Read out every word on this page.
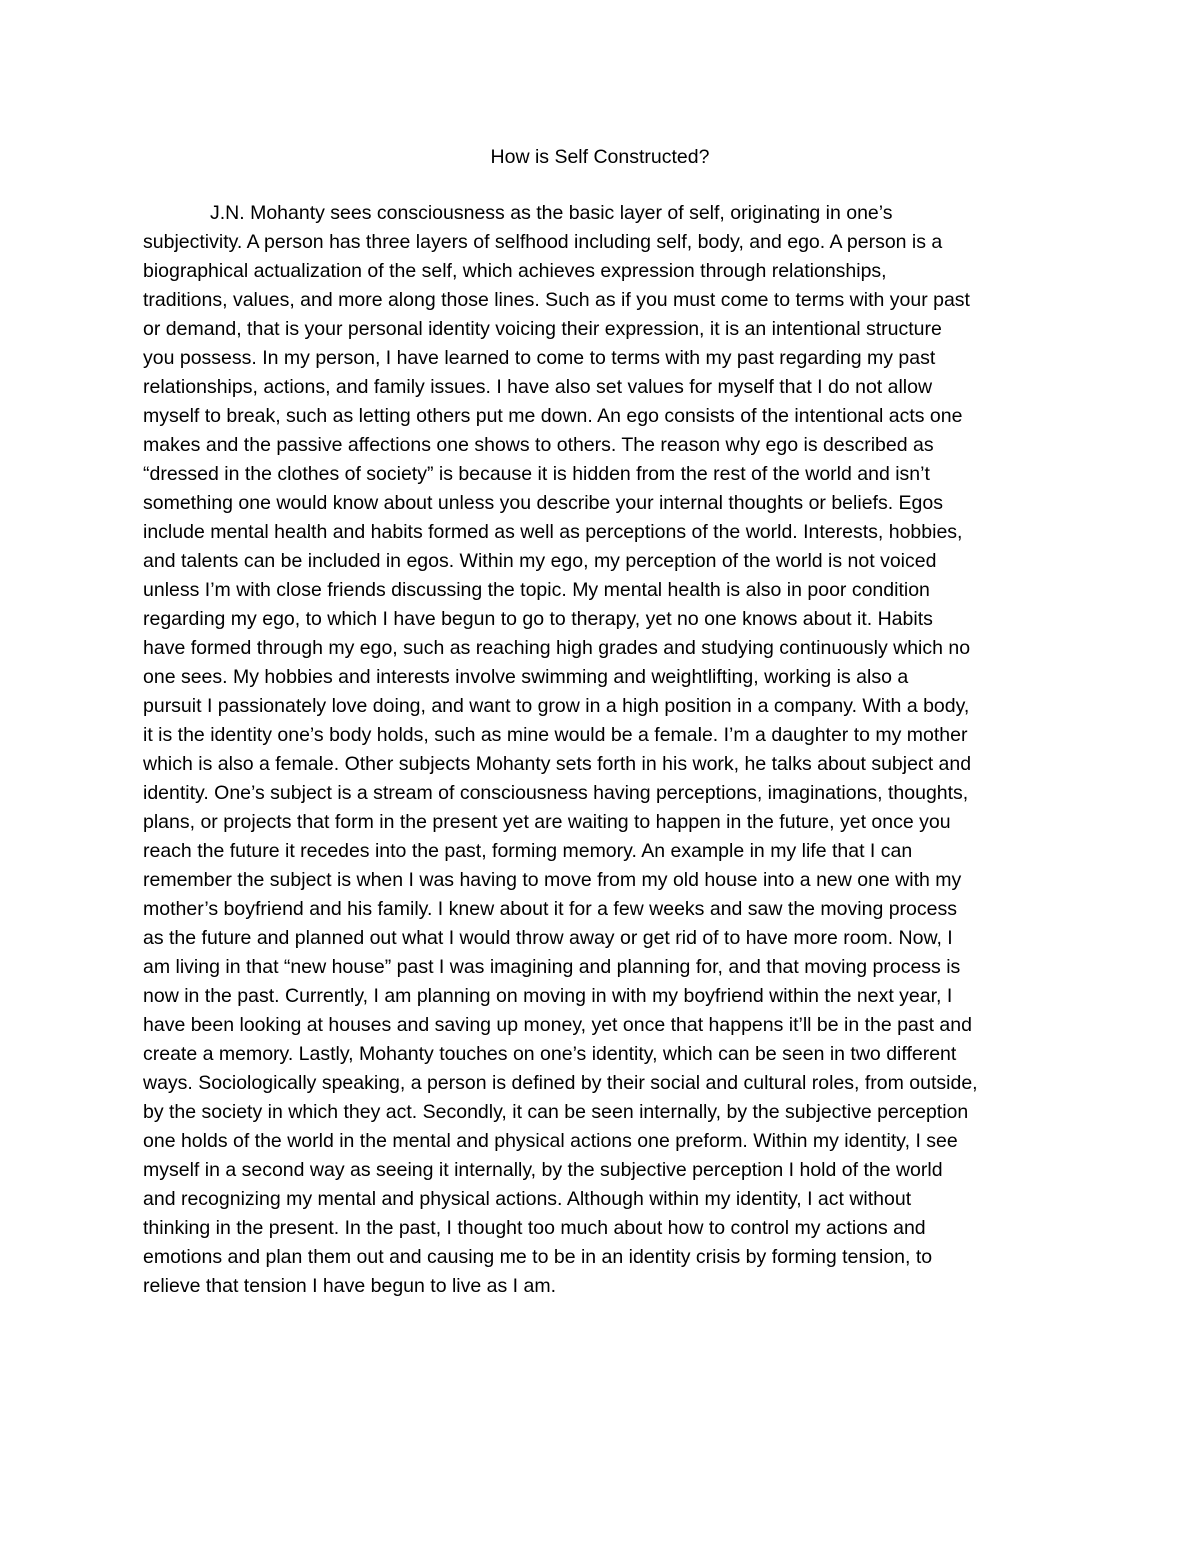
How is Self Constructed?
J.N. Mohanty sees consciousness as the basic layer of self, originating in one’s
subjectivity. A person has three layers of selfhood including self, body, and ego. A person is a
biographical actualization of the self, which achieves expression through relationships,
traditions, values, and more along those lines. Such as if you must come to terms with your past
or demand, that is your personal identity voicing their expression, it is an intentional structure
you possess. In my person, I have learned to come to terms with my past regarding my past
relationships, actions, and family issues. I have also set values for myself that I do not allow
myself to break, such as letting others put me down. An ego consists of the intentional acts one
makes and the passive affections one shows to others. The reason why ego is described as
“dressed in the clothes of society” is because it is hidden from the rest of the world and isn’t
something one would know about unless you describe your internal thoughts or beliefs. Egos
include mental health and habits formed as well as perceptions of the world. Interests, hobbies,
and talents can be included in egos. Within my ego, my perception of the world is not voiced
unless I’m with close friends discussing the topic. My mental health is also in poor condition
regarding my ego, to which I have begun to go to therapy, yet no one knows about it. Habits
have formed through my ego, such as reaching high grades and studying continuously which no
one sees. My hobbies and interests involve swimming and weightlifting, working is also a
pursuit I passionately love doing, and want to grow in a high position in a company. With a body,
it is the identity one’s body holds, such as mine would be a female. I’m a daughter to my mother
which is also a female. Other subjects Mohanty sets forth in his work, he talks about subject and
identity. One’s subject is a stream of consciousness having perceptions, imaginations, thoughts,
plans, or projects that form in the present yet are waiting to happen in the future, yet once you
reach the future it recedes into the past, forming memory. An example in my life that I can
remember the subject is when I was having to move from my old house into a new one with my
mother’s boyfriend and his family. I knew about it for a few weeks and saw the moving process
as the future and planned out what I would throw away or get rid of to have more room. Now, I
am living in that “new house” past I was imagining and planning for, and that moving process is
now in the past. Currently, I am planning on moving in with my boyfriend within the next year, I
have been looking at houses and saving up money, yet once that happens it’ll be in the past and
create a memory. Lastly, Mohanty touches on one’s identity, which can be seen in two different
ways. Sociologically speaking, a person is defined by their social and cultural roles, from outside,
by the society in which they act. Secondly, it can be seen internally, by the subjective perception
one holds of the world in the mental and physical actions one preform. Within my identity, I see
myself in a second way as seeing it internally, by the subjective perception I hold of the world
and recognizing my mental and physical actions. Although within my identity, I act without
thinking in the present. In the past, I thought too much about how to control my actions and
emotions and plan them out and causing me to be in an identity crisis by forming tension, to
relieve that tension I have begun to live as I am.
